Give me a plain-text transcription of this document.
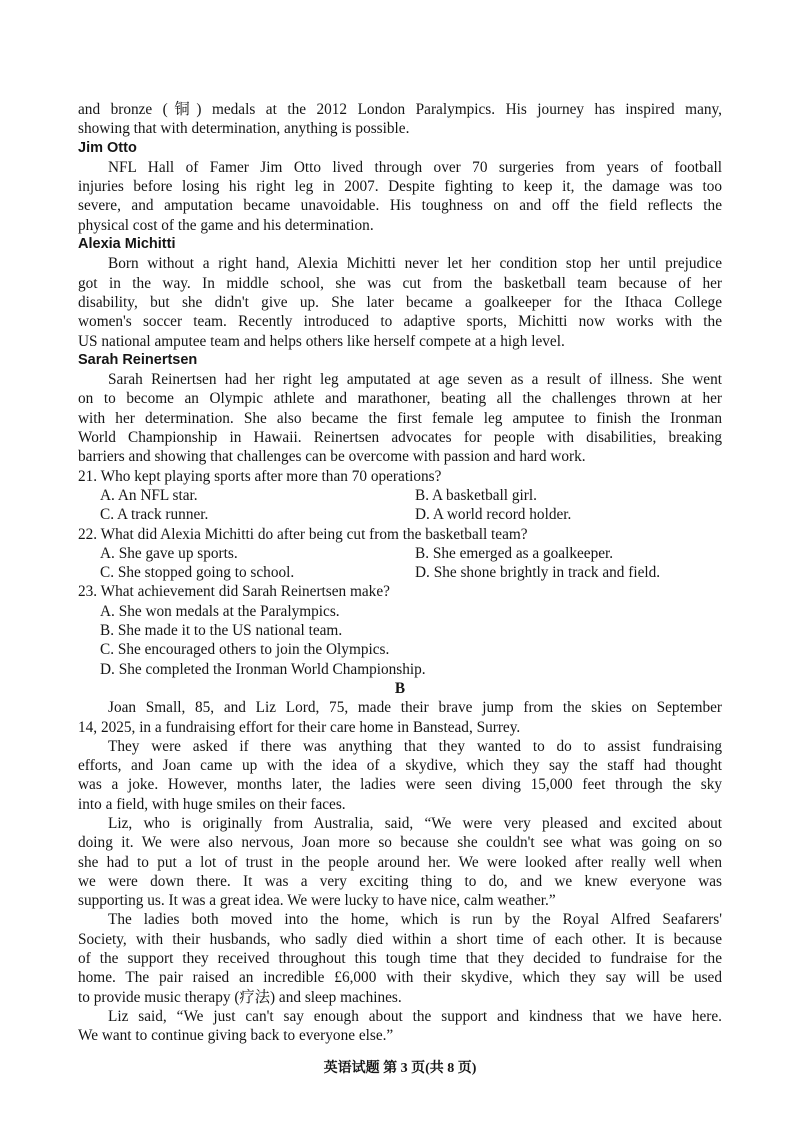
and bronze (铜) medals at the 2012 London Paralympics. His journey has inspired many,
showing that with determination, anything is possible.
Jim Otto
NFL Hall of Famer Jim Otto lived through over 70 surgeries from years of football
injuries before losing his right leg in 2007. Despite fighting to keep it, the damage was too
severe, and amputation became unavoidable. His toughness on and off the field reflects the
physical cost of the game and his determination.
Alexia Michitti
Born without a right hand, Alexia Michitti never let her condition stop her until prejudice
got in the way. In middle school, she was cut from the basketball team because of her
disability, but she didn't give up. She later became a goalkeeper for the Ithaca College
women's soccer team. Recently introduced to adaptive sports, Michitti now works with the
US national amputee team and helps others like herself compete at a high level.
Sarah Reinertsen
Sarah Reinertsen had her right leg amputated at age seven as a result of illness. She went
on to become an Olympic athlete and marathoner, beating all the challenges thrown at her
with her determination. She also became the first female leg amputee to finish the Ironman
World Championship in Hawaii. Reinertsen advocates for people with disabilities, breaking
barriers and showing that challenges can be overcome with passion and hard work.
21. Who kept playing sports after more than 70 operations?
A. An NFL star.	B. A basketball girl.
C. A track runner.	D. A world record holder.
22. What did Alexia Michitti do after being cut from the basketball team?
A. She gave up sports.	B. She emerged as a goalkeeper.
C. She stopped going to school.	D. She shone brightly in track and field.
23. What achievement did Sarah Reinertsen make?
A. She won medals at the Paralympics.
B. She made it to the US national team.
C. She encouraged others to join the Olympics.
D. She completed the Ironman World Championship.
B
Joan Small, 85, and Liz Lord, 75, made their brave jump from the skies on September
14, 2025, in a fundraising effort for their care home in Banstead, Surrey.
They were asked if there was anything that they wanted to do to assist fundraising
efforts, and Joan came up with the idea of a skydive, which they say the staff had thought
was a joke. However, months later, the ladies were seen diving 15,000 feet through the sky
into a field, with huge smiles on their faces.
Liz, who is originally from Australia, said, “We were very pleased and excited about
doing it. We were also nervous, Joan more so because she couldn't see what was going on so
she had to put a lot of trust in the people around her. We were looked after really well when
we were down there. It was a very exciting thing to do, and we knew everyone was
supporting us. It was a great idea. We were lucky to have nice, calm weather.”
The ladies both moved into the home, which is run by the Royal Alfred Seafarers'
Society, with their husbands, who sadly died within a short time of each other. It is because
of the support they received throughout this tough time that they decided to fundraise for the
home. The pair raised an incredible £6,000 with their skydive, which they say will be used
to provide music therapy (疗法) and sleep machines.
Liz said, “We just can't say enough about the support and kindness that we have here.
We want to continue giving back to everyone else.”
英语试题 第 3 页(共 8 页)
